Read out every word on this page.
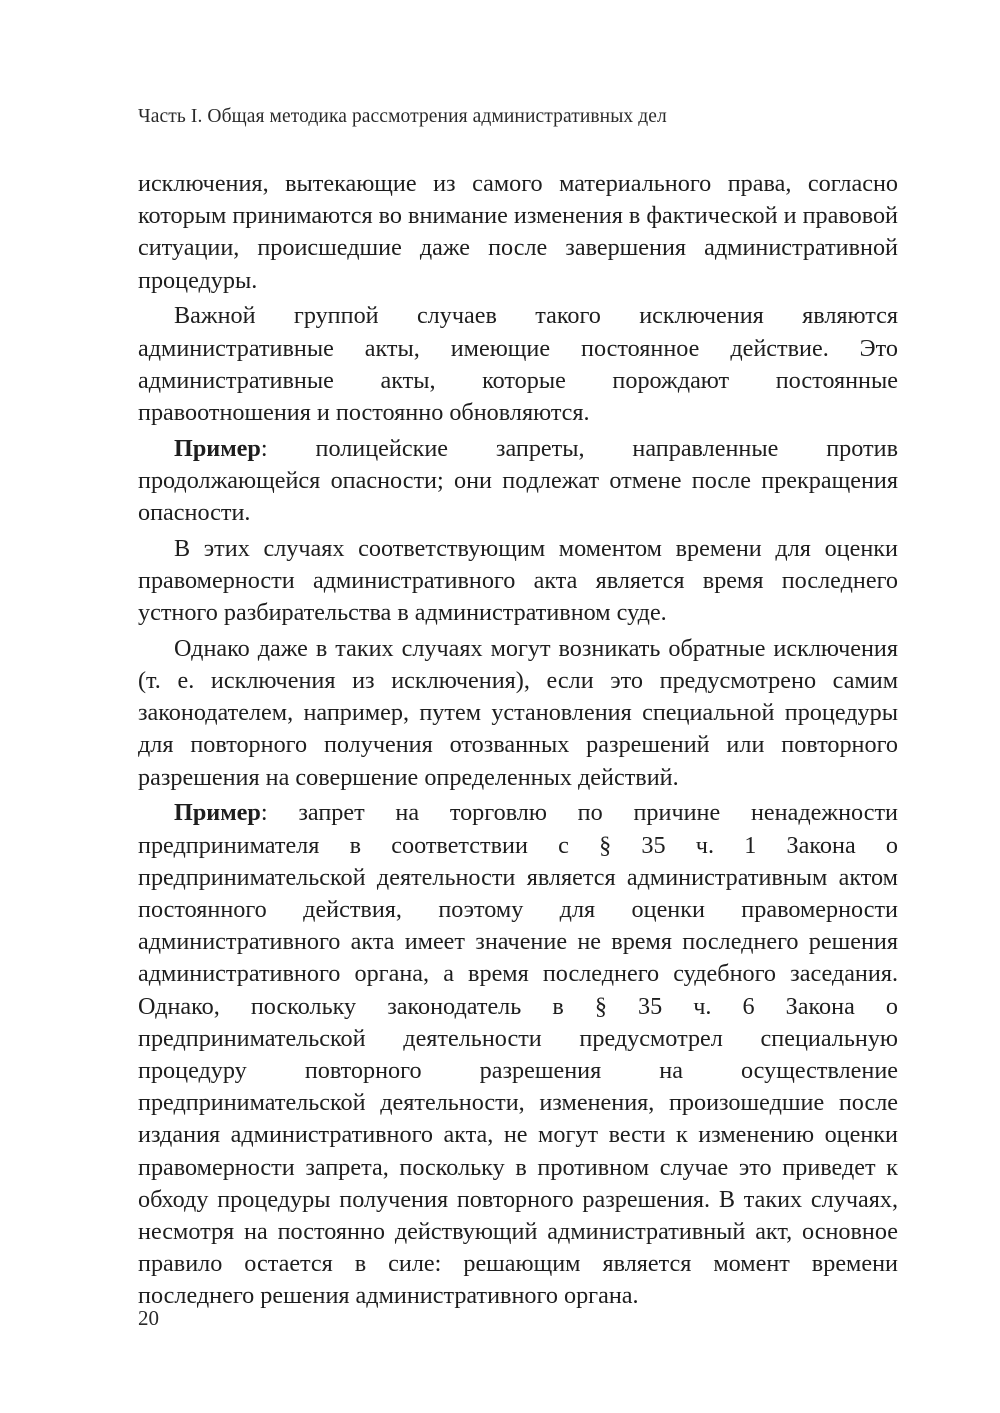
Часть I. Общая методика рассмотрения административных дел

исключения, вытекающие из самого материального права, согласно которым принимаются во внимание изменения в фактической и правовой ситуации, происшедшие даже после завершения административной процедуры.

Важной группой случаев такого исключения являются административные акты, имеющие постоянное действие. Это административные акты, которые порождают постоянные правоотношения и постоянно обновляются.

Пример: полицейские запреты, направленные против продолжающейся опасности; они подлежат отмене после прекращения опасности.

В этих случаях соответствующим моментом времени для оценки правомерности административного акта является время последнего устного разбирательства в административном суде.

Однако даже в таких случаях могут возникать обратные исключения (т. е. исключения из исключения), если это предусмотрено самим законодателем, например, путем установления специальной процедуры для повторного получения отозванных разрешений или повторного разрешения на совершение определенных действий.

Пример: запрет на торговлю по причине ненадежности предпринимателя в соответствии с § 35 ч. 1 Закона о предпринимательской деятельности является административным актом постоянного действия, поэтому для оценки правомерности административного акта имеет значение не время последнего решения административного органа, а время последнего судебного заседания. Однако, поскольку законодатель в § 35 ч. 6 Закона о предпринимательской деятельности предусмотрел специальную процедуру повторного разрешения на осуществление предпринимательской деятельности, изменения, произошедшие после издания административного акта, не могут вести к изменению оценки правомерности запрета, поскольку в противном случае это приведет к обходу процедуры получения повторного разрешения. В таких случаях, несмотря на постоянно действующий административный акт, основное правило остается в силе: решающим является момент времени последнего решения административного органа.

20
